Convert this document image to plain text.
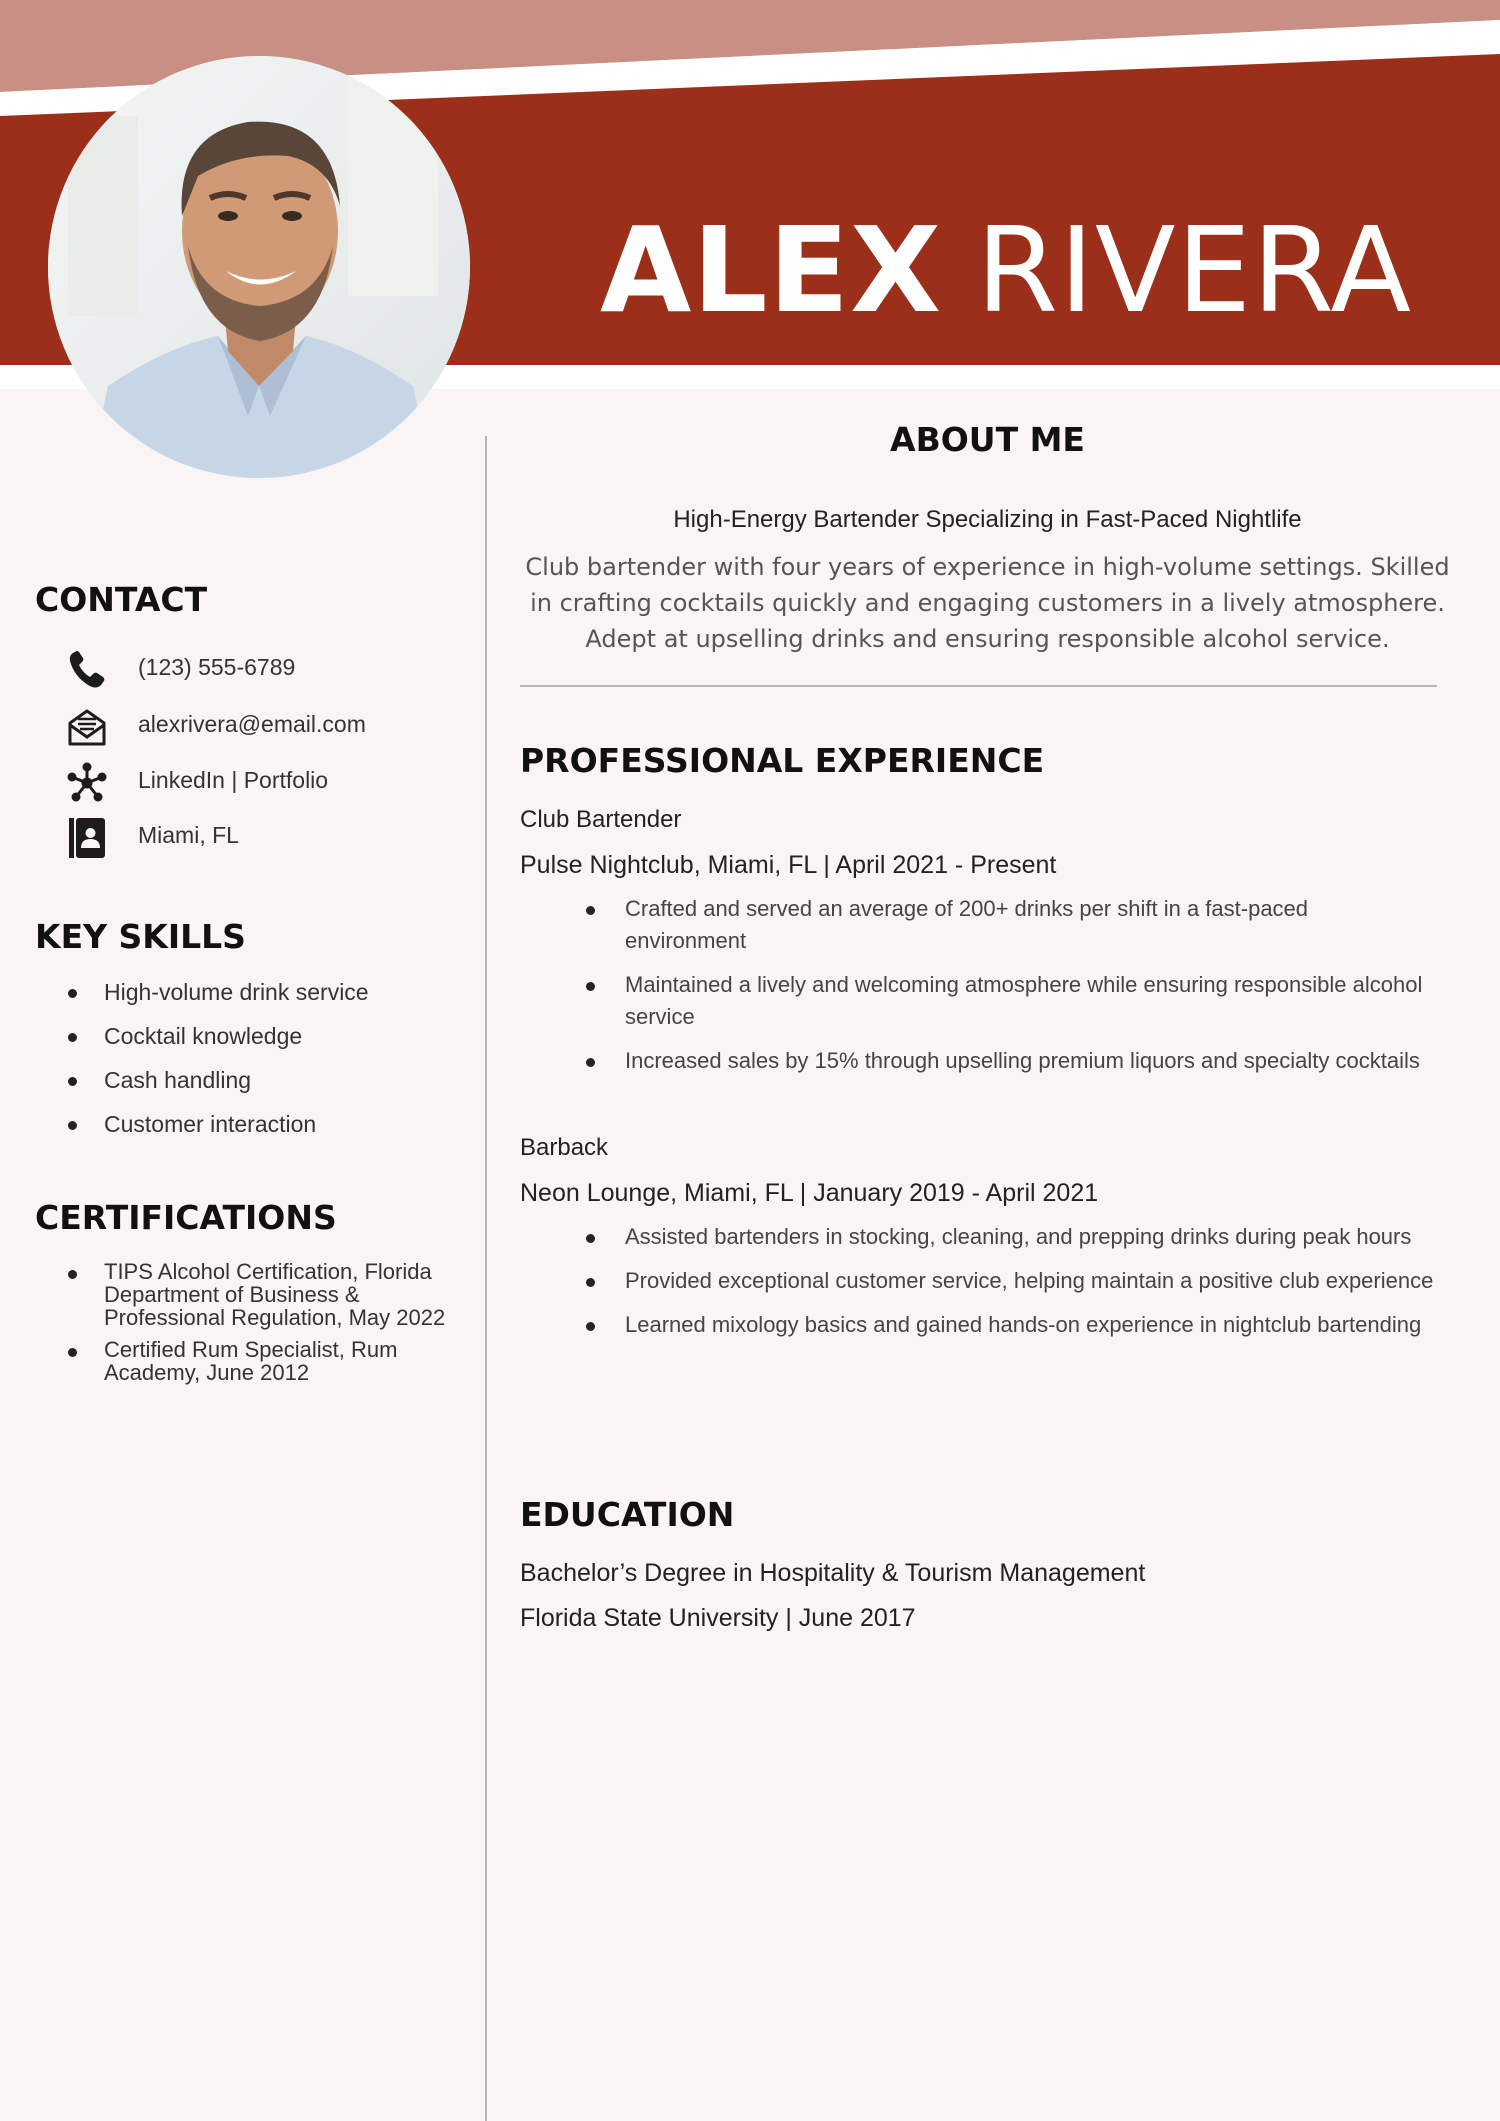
ALEX RIVERA
CONTACT
(123) 555-6789
alexrivera@email.com
LinkedIn | Portfolio
Miami, FL
KEY SKILLS
High-volume drink service
Cocktail knowledge
Cash handling
Customer interaction
CERTIFICATIONS
TIPS Alcohol Certification, Florida Department of Business & Professional Regulation, May 2022
Certified Rum Specialist, Rum Academy, June 2012
ABOUT ME

High-Energy Bartender Specializing in Fast-Paced Nightlife

Club bartender with four years of experience in high-volume settings. Skilled in crafting cocktails quickly and engaging customers in a lively atmosphere. Adept at upselling drinks and ensuring responsible alcohol service.

PROFESSIONAL EXPERIENCE

Club Bartender

Pulse Nightclub, Miami, FL | April 2021 - Present

Crafted and served an average of 200+ drinks per shift in a fast-paced environment
Maintained a lively and welcoming atmosphere while ensuring responsible alcohol service
Increased sales by 15% through upselling premium liquors and specialty cocktails

Barback

Neon Lounge, Miami, FL | January 2019 - April 2021

Assisted bartenders in stocking, cleaning, and prepping drinks during peak hours
Provided exceptional customer service, helping maintain a positive club experience
Learned mixology basics and gained hands-on experience in nightclub bartending
EDUCATION

Bachelor’s Degree in Hospitality & Tourism Management

Florida State University | June 2017
